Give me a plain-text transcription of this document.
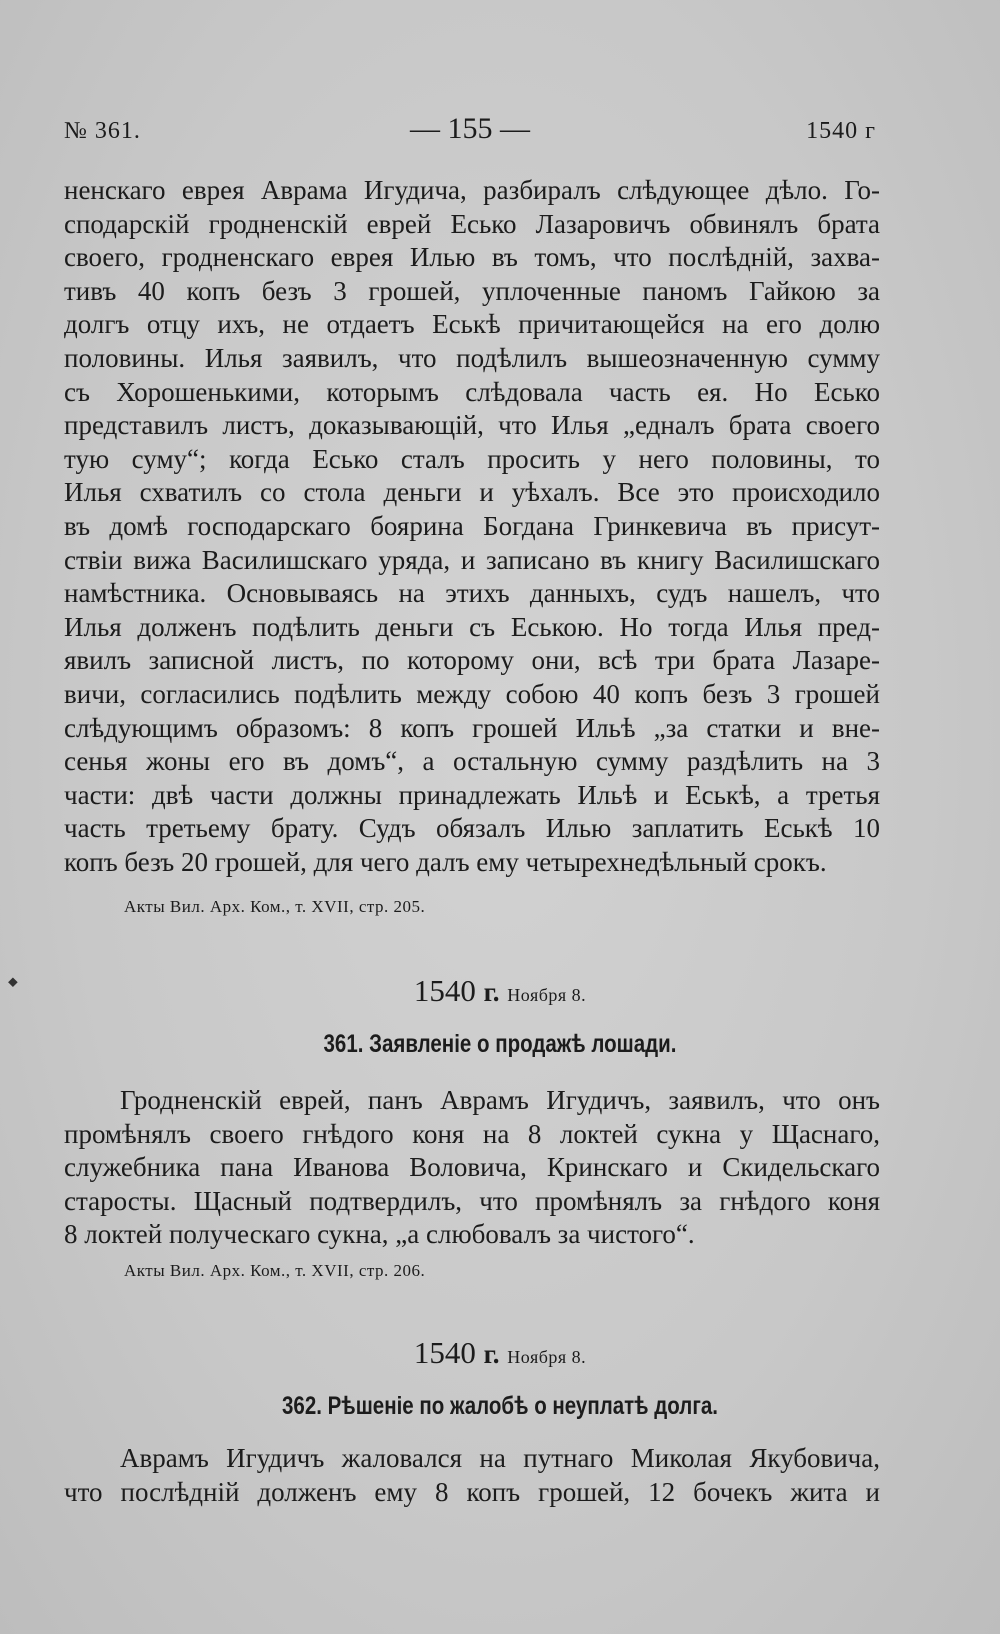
⬥
№ 361.	— 155 —	1540 г
ненскаго еврея Аврама Игудича, разбиралъ слѣдующее дѣло. Го-
сподарскій гродненскій еврей Есько Лазаровичъ обвинялъ брата
своего, гродненскаго еврея Илью въ томъ, что послѣдній, захва-
тивъ 40 копъ безъ 3 грошей, уплоченные паномъ Гайкою за
долгъ отцу ихъ, не отдаетъ Еськѣ причитающейся на его долю
половины. Илья заявилъ, что подѣлилъ вышеозначенную сумму
съ Хорошенькими, которымъ слѣдовала часть ея. Но Есько
представилъ листъ, доказывающій, что Илья „едналъ брата своего
тую суму“; когда Есько сталъ просить у него половины, то
Илья схватилъ со стола деньги и уѣхалъ. Все это происходило
въ домѣ господарскаго боярина Богдана Гринкевича въ присут-
ствіи вижа Василишскаго уряда, и записано въ книгу Василишскаго
намѣстника. Основываясь на этихъ данныхъ, судъ нашелъ, что
Илья долженъ подѣлить деньги съ Еською. Но тогда Илья пред-
явилъ записной листъ, по которому они, всѣ три брата Лазаре-
вичи, согласились подѣлить между собою 40 копъ безъ 3 грошей
слѣдующимъ образомъ: 8 копъ грошей Ильѣ „за статки и вне-
сенья жоны его въ домъ“, а остальную сумму раздѣлить на 3
части: двѣ части должны принадлежать Ильѣ и Еськѣ, а третья
часть третьему брату. Судъ обязалъ Илью заплатить Еськѣ 10
копъ безъ 20 грошей, для чего далъ ему четырехнедѣльный срокъ.
Акты Вил. Арх. Ком., т. XVII, стр. 205.
1540 г. Ноября 8.
361. Заявленіе о продажѣ лошади.
Гродненскій еврей, панъ Аврамъ Игудичъ, заявилъ, что онъ
промѣнялъ своего гнѣдого коня на 8 локтей сукна у Щаснаго,
служебника пана Иванова Воловича, Кринскаго и Скидельскаго
старосты. Щасный подтвердилъ, что промѣнялъ за гнѣдого коня
8 локтей получескаго сукна, „а слюбовалъ за чистого“.
Акты Вил. Арх. Ком., т. XVII, стр. 206.
1540 г. Ноября 8.
362. Рѣшеніе по жалобѣ о неуплатѣ долга.
Аврамъ Игудичъ жаловался на путнаго Миколая Якубовича,
что послѣдній долженъ ему 8 копъ грошей, 12 бочекъ жита и
